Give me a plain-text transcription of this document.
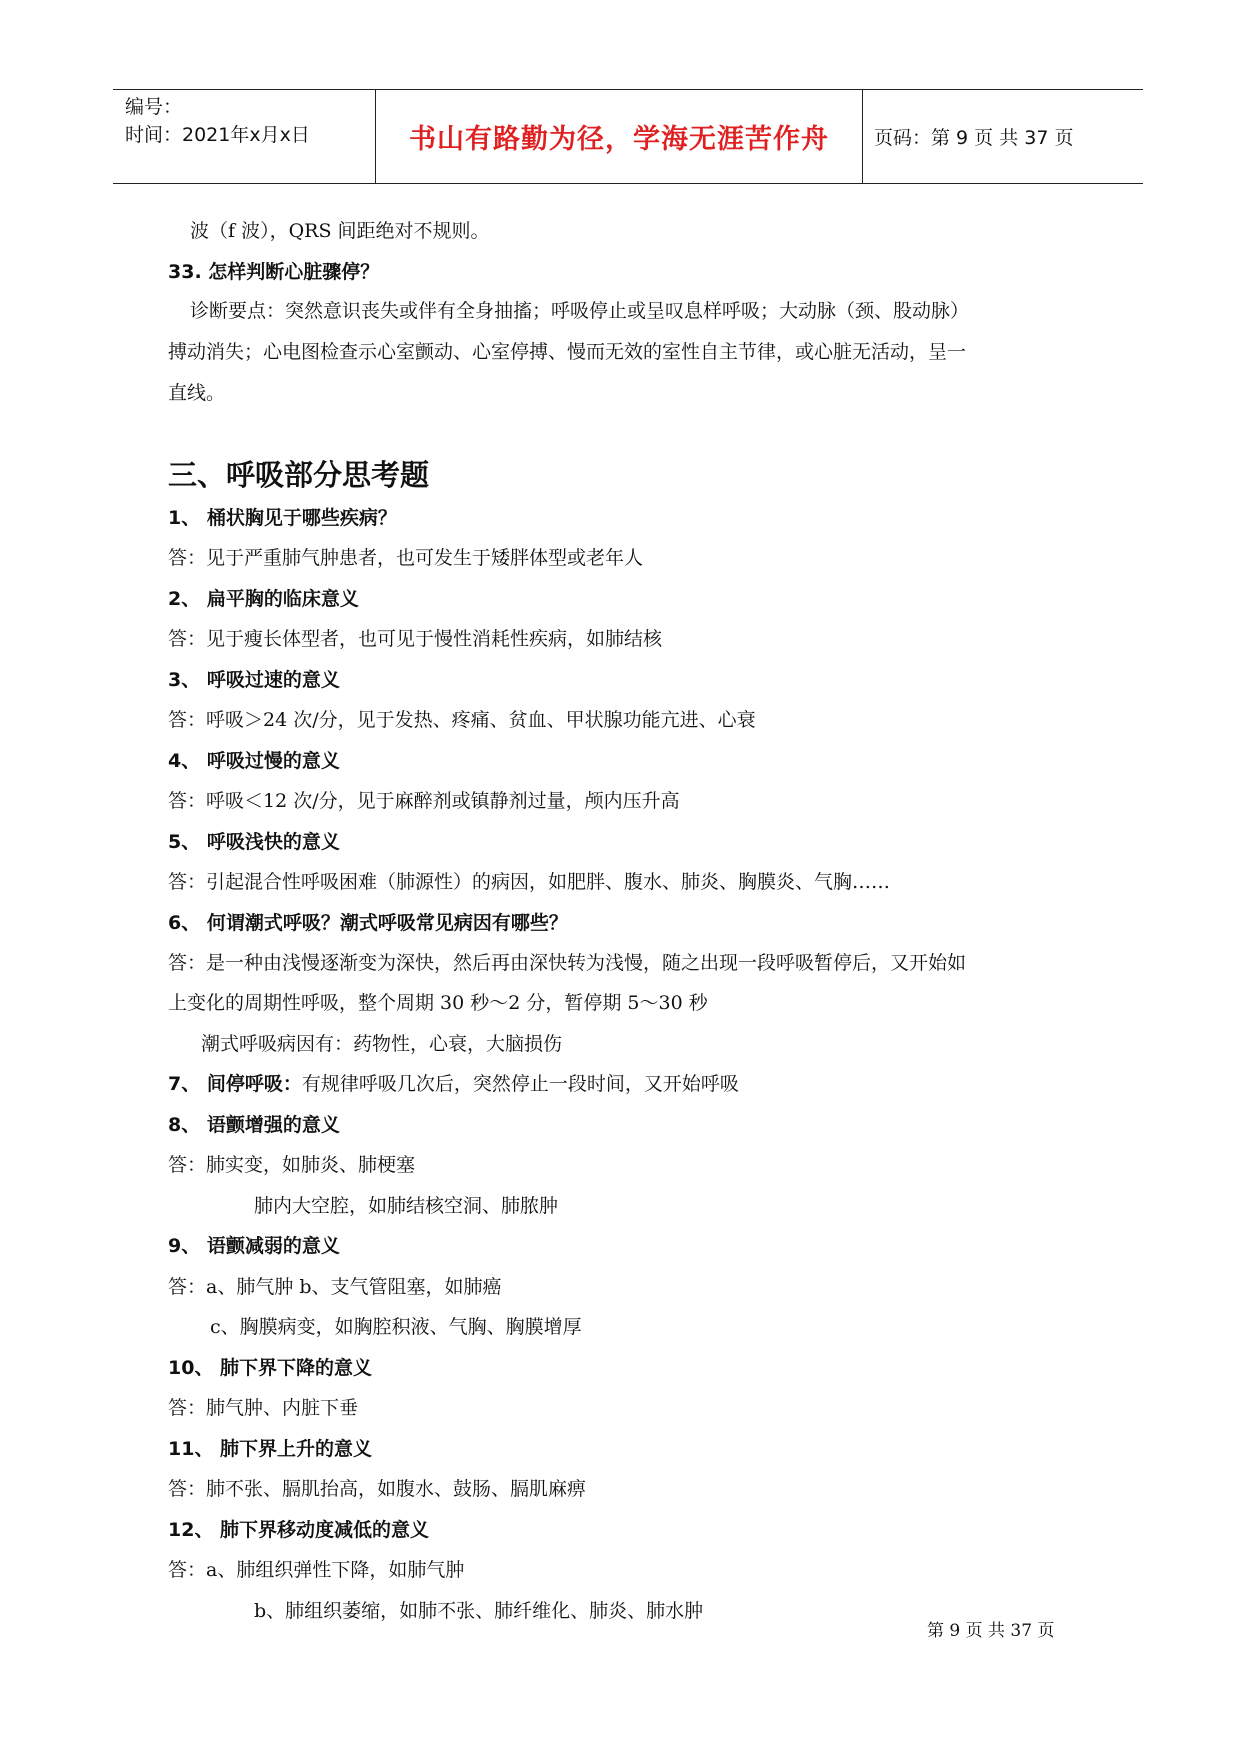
编号：
时间：2021年x月x日	书山有路勤为径，学海无涯苦作舟 页码：第 9 页 共 37 页
波（f 波），QRS 间距绝对不规则。
33. 怎样判断心脏骤停？
诊断要点：突然意识丧失或伴有全身抽搐；呼吸停止或呈叹息样呼吸；大动脉（颈、股动脉）
搏动消失；心电图检查示心室颤动、心室停搏、慢而无效的室性自主节律，或心脏无活动，呈一
直线。
三、呼吸部分思考题
1、 桶状胸见于哪些疾病？
答：见于严重肺气肿患者，也可发生于矮胖体型或老年人
2、 扁平胸的临床意义
答：见于瘦长体型者，也可见于慢性消耗性疾病，如肺结核
3、 呼吸过速的意义
答：呼吸＞24 次/分，见于发热、疼痛、贫血、甲状腺功能亢进、心衰
4、 呼吸过慢的意义
答：呼吸＜12 次/分，见于麻醉剂或镇静剂过量，颅内压升高
5、 呼吸浅快的意义
答：引起混合性呼吸困难（肺源性）的病因，如肥胖、腹水、肺炎、胸膜炎、气胸……
6、 何谓潮式呼吸？潮式呼吸常见病因有哪些？
答：是一种由浅慢逐渐变为深快，然后再由深快转为浅慢，随之出现一段呼吸暂停后，又开始如
上变化的周期性呼吸，整个周期 30 秒～2 分，暂停期 5～30 秒
潮式呼吸病因有：药物性，心衰，大脑损伤
7、 间停呼吸：有规律呼吸几次后，突然停止一段时间，又开始呼吸
8、 语颤增强的意义
答：肺实变，如肺炎、肺梗塞
肺内大空腔，如肺结核空洞、肺脓肿
9、 语颤减弱的意义
答：a、肺气肿 b、支气管阻塞，如肺癌
c、胸膜病变，如胸腔积液、气胸、胸膜增厚
10、 肺下界下降的意义
答：肺气肿、内脏下垂
11、 肺下界上升的意义
答：肺不张、膈肌抬高，如腹水、鼓肠、膈肌麻痹
12、 肺下界移动度减低的意义
答：a、肺组织弹性下降，如肺气肿
b、肺组织萎缩，如肺不张、肺纤维化、肺炎、肺水肿
第 9 页 共 37 页
